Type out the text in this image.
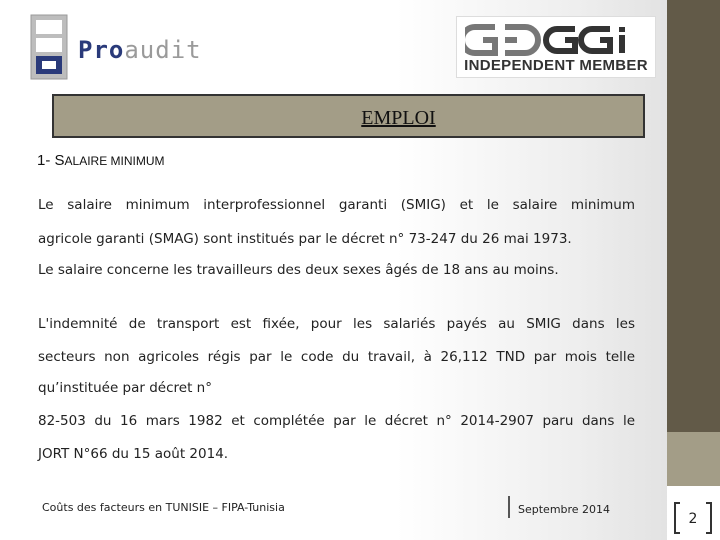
Proaudit
INDEPENDENT MEMBER
EMPLOI
1- SALAIRE MINIMUM
Le salaire minimum interprofessionnel garanti (SMIG) et le salaire minimum
agricole garanti (SMAG) sont institués par le décret n° 73-247 du 26 mai 1973.
Le salaire concerne les travailleurs des deux sexes âgés de 18 ans au moins.
L'indemnité de transport est fixée, pour les salariés payés au SMIG dans les
secteurs non agricoles régis par le code du travail, à 26,112 TND par mois telle
qu’instituée par décret n°
82-503 du 16 mars 1982 et complétée par le décret n° 2014-2907 paru dans le
JORT N°66 du 15 août 2014.
Coûts des facteurs en TUNISIE – FIPA-Tunisia	Septembre 2014
2
